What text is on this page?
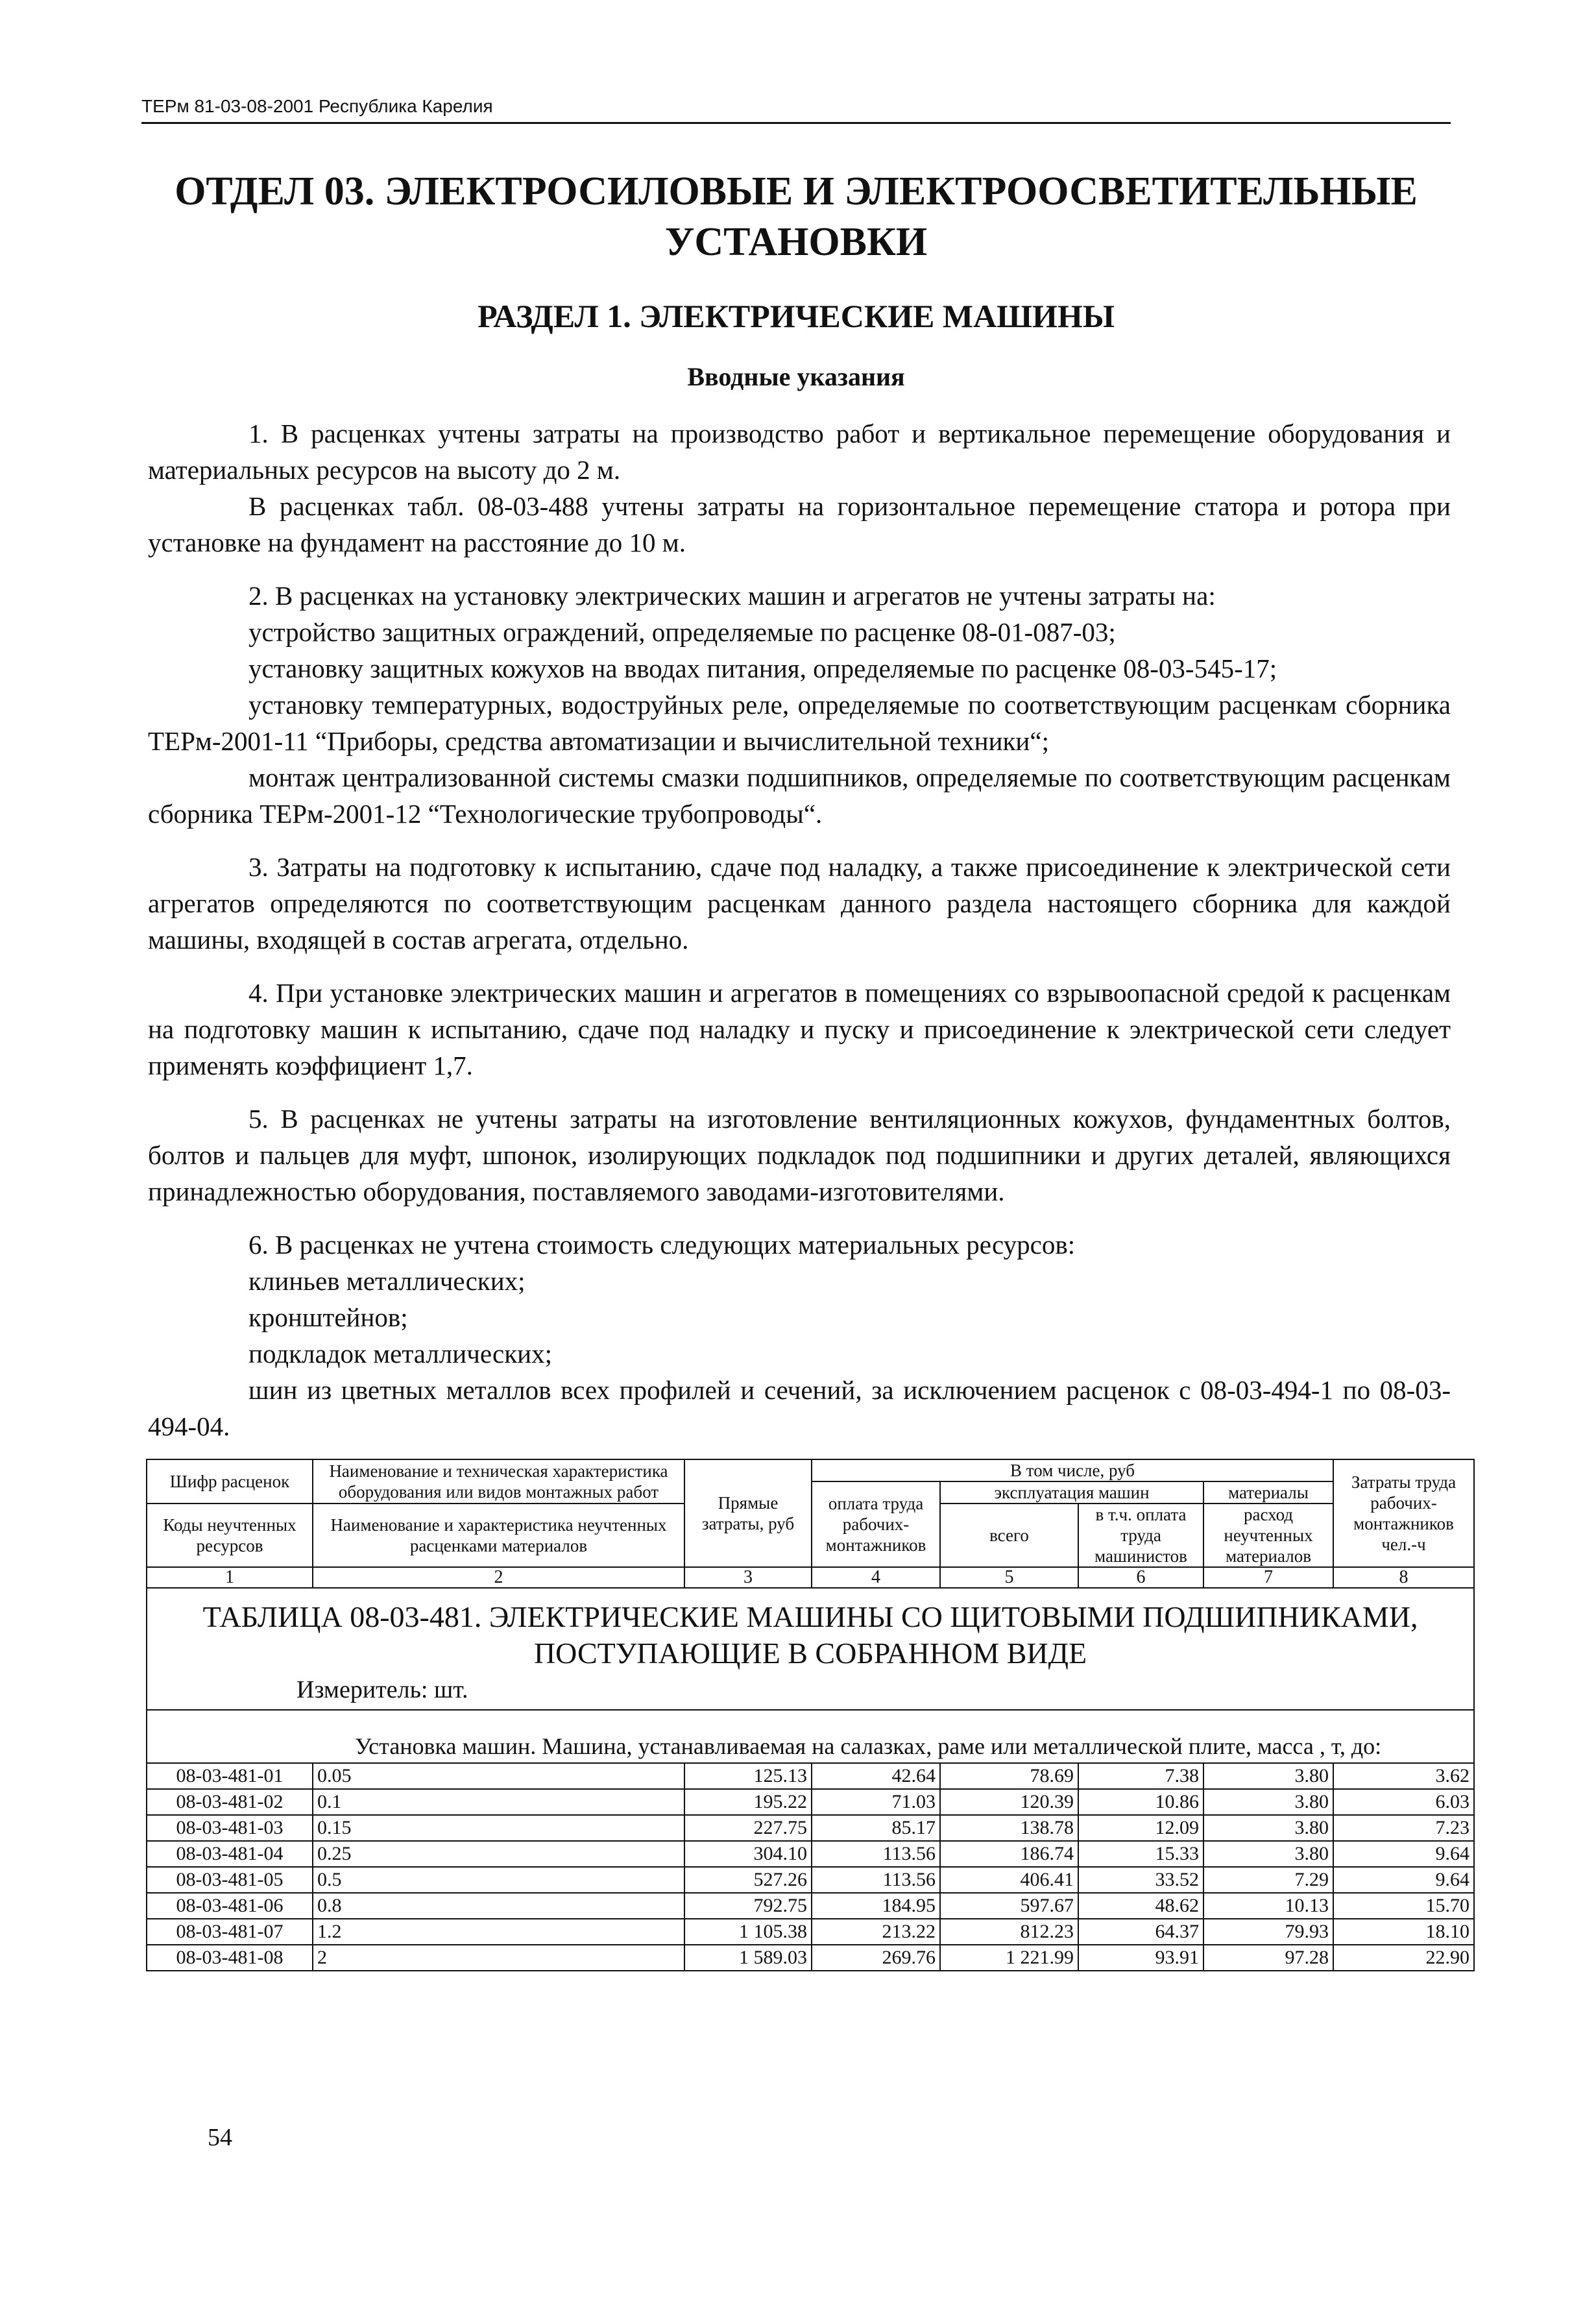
ТЕРм 81-03-08-2001 Республика Карелия
ОТДЕЛ 03. ЭЛЕКТРОСИЛОВЫЕ И ЭЛЕКТРООСВЕТИТЕЛЬНЫЕ УСТАНОВКИ
РАЗДЕЛ 1. ЭЛЕКТРИЧЕСКИЕ МАШИНЫ
Вводные указания

1. В расценках учтены затраты на производство работ и вертикальное перемещение оборудования и материальных ресурсов на высоту до 2 м.

В расценках табл. 08-03-488 учтены затраты на горизонтальное перемещение статора и ротора при установке на фундамент на расстояние до 10 м.

2. В расценках на установку электрических машин и агрегатов не учтены затраты на:

устройство защитных ограждений, определяемые по расценке 08-01-087-03;

установку защитных кожухов на вводах питания, определяемые по расценке 08-03-545-17;

установку температурных, водоструйных реле, определяемые по соответствующим расценкам сборника ТЕРм-2001-11 “Приборы, средства автоматизации и вычислительной техники“;

монтаж централизованной системы смазки подшипников, определяемые по соответствующим расценкам сборника ТЕРм-2001-12 “Технологические трубопроводы“.

3. Затраты на подготовку к испытанию, сдаче под наладку, а также присоединение к электрической сети агрегатов определяются по соответствующим расценкам данного раздела настоящего сборника для каждой машины, входящей в состав агрегата, отдельно.

4. При установке электрических машин и агрегатов в помещениях со взрывоопасной средой к расценкам на подготовку машин к испытанию, сдаче под наладку и пуску и присоединение к электрической сети следует применять коэффициент 1,7.

5. В расценках не учтены затраты на изготовление вентиляционных кожухов, фундаментных болтов, болтов и пальцев для муфт, шпонок, изолирующих подкладок под подшипники и других деталей, являющихся принадлежностью оборудования, поставляемого заводами-изготовителями.

6. В расценках не учтена стоимость следующих материальных ресурсов:

клиньев металлических;

кронштейнов;

подкладок металлических;

шин из цветных металлов всех профилей и сечений, за исключением расценок с 08-03-494-1 по 08-03-494-04.

Шифр расценок	Наименование и техническая характеристика оборудования или видов монтажных работ	Прямые затраты, руб	В том числе, руб				Затраты труда рабочих-монтажников чел.-ч
			оплата труда рабочих-монтажников	эксплуатация машин		материалы	
Коды неучтенных ресурсов	Наименование и характеристика неучтенных расценками материалов			всего	в т.ч. оплата труда машинистов	расход неучтенных материалов	

1	2	3	4	5	6	7	8
ТАБЛИЦА 08-03-481. ЭЛЕКТРИЧЕСКИЕ МАШИНЫ СО ЩИТОВЫМИ ПОДШИПНИКАМИ, ПОСТУПАЮЩИЕ В СОБРАННОМ ВИДЕ							
Измеритель: шт.							
Установка машин. Машина, устанавливаемая на салазках, раме или металлической плите, масса , т, до:							
08-03-481-01	0.05	125.13	42.64	78.69	7.38	3.80	3.62
08-03-481-02	0.1	195.22	71.03	120.39	10.86	3.80	6.03
08-03-481-03	0.15	227.75	85.17	138.78	12.09	3.80	7.23
08-03-481-04	0.25	304.10	113.56	186.74	15.33	3.80	9.64
08-03-481-05	0.5	527.26	113.56	406.41	33.52	7.29	9.64
08-03-481-06	0.8	792.75	184.95	597.67	48.62	10.13	15.70
08-03-481-07	1.2	1 105.38	213.22	812.23	64.37	79.93	18.10
08-03-481-08	2	1 589.03	269.76	1 221.99	93.91	97.28	22.90
54
